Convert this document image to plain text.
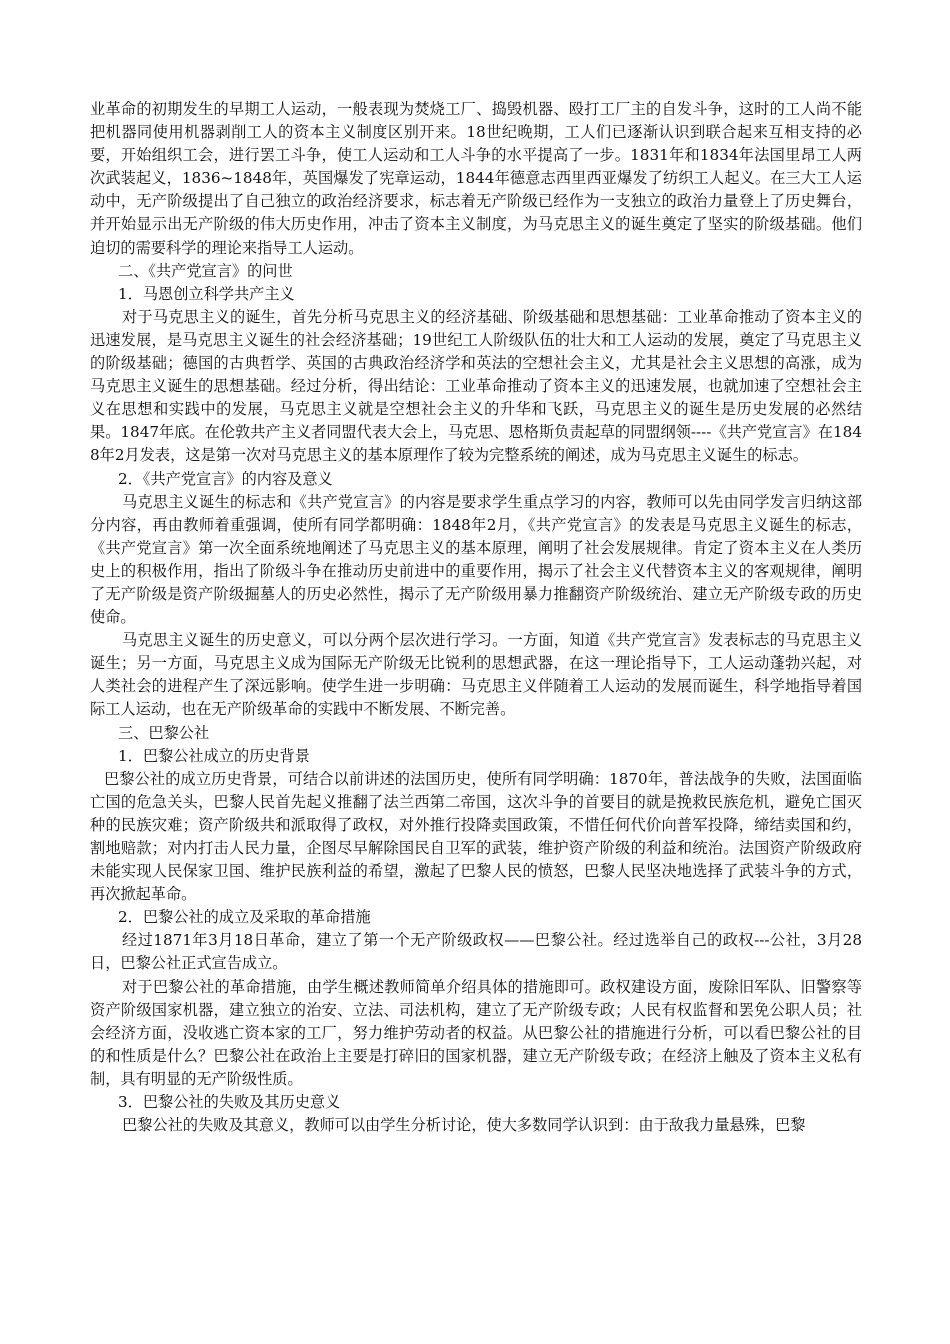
业革命的初期发生的早期工人运动，一般表现为焚烧工厂、捣毁机器、殴打工厂主的自发斗争，这时的工人尚不能把机器同使用机器剥削工人的资本主义制度区别开来。18世纪晚期，工人们已逐渐认识到联合起来互相支持的必要，开始组织工会，进行罢工斗争，使工人运动和工人斗争的水平提高了一步。1831年和1834年法国里昂工人两次武装起义，1836~1848年，英国爆发了宪章运动，1844年德意志西里西亚爆发了纺织工人起义。在三大工人运动中，无产阶级提出了自己独立的政治经济要求，标志着无产阶级已经作为一支独立的政治力量登上了历史舞台，并开始显示出无产阶级的伟大历史作用，冲击了资本主义制度，为马克思主义的诞生奠定了坚实的阶级基础。他们迫切的需要科学的理论来指导工人运动。

二、《共产党宣言》的问世

1．马恩创立科学共产主义

对于马克思主义的诞生，首先分析马克思主义的经济基础、阶级基础和思想基础：工业革命推动了资本主义的迅速发展，是马克思主义诞生的社会经济基础；19世纪工人阶级队伍的壮大和工人运动的发展，奠定了马克思主义的阶级基础；德国的古典哲学、英国的古典政治经济学和英法的空想社会主义，尤其是社会主义思想的高涨，成为马克思主义诞生的思想基础。经过分析，得出结论：工业革命推动了资本主义的迅速发展，也就加速了空想社会主义在思想和实践中的发展，马克思主义就是空想社会主义的升华和飞跃，马克思主义的诞生是历史发展的必然结果。1847年底。在伦敦共产主义者同盟代表大会上，马克思、恩格斯负责起草的同盟纲领----《共产党宣言》在1848年2月发表，这是第一次对马克思主义的基本原理作了较为完整系统的阐述，成为马克思主义诞生的标志。

2．《共产党宣言》的内容及意义

马克思主义诞生的标志和《共产党宣言》的内容是要求学生重点学习的内容，教师可以先由同学发言归纳这部分内容，再由教师着重强调，使所有同学都明确：1848年2月，《共产党宣言》的发表是马克思主义诞生的标志，《共产党宣言》第一次全面系统地阐述了马克思主义的基本原理，阐明了社会发展规律。肯定了资本主义在人类历史上的积极作用，指出了阶级斗争在推动历史前进中的重要作用，揭示了社会主义代替资本主义的客观规律，阐明了无产阶级是资产阶级掘墓人的历史必然性，揭示了无产阶级用暴力推翻资产阶级统治、建立无产阶级专政的历史使命。

马克思主义诞生的历史意义，可以分两个层次进行学习。一方面，知道《共产党宣言》发表标志的马克思主义诞生；另一方面，马克思主义成为国际无产阶级无比锐利的思想武器，在这一理论指导下，工人运动蓬勃兴起，对人类社会的进程产生了深远影响。使学生进一步明确：马克思主义伴随着工人运动的发展而诞生，科学地指导着国际工人运动，也在无产阶级革命的实践中不断发展、不断完善。

三、巴黎公社

1．巴黎公社成立的历史背景

巴黎公社的成立历史背景，可结合以前讲述的法国历史，使所有同学明确：1870年，普法战争的失败，法国面临亡国的危急关头，巴黎人民首先起义推翻了法兰西第二帝国，这次斗争的首要目的就是挽救民族危机，避免亡国灭种的民族灾难；资产阶级共和派取得了政权，对外推行投降卖国政策，不惜任何代价向普军投降，缔结卖国和约，割地赔款；对内打击人民力量，企图尽早解除国民自卫军的武装，维护资产阶级的利益和统治。法国资产阶级政府未能实现人民保家卫国、维护民族利益的希望，激起了巴黎人民的愤怒，巴黎人民坚决地选择了武装斗争的方式，再次掀起革命。

2．巴黎公社的成立及采取的革命措施

经过1871年3月18日革命，建立了第一个无产阶级政权——巴黎公社。经过选举自己的政权---公社，3月28日，巴黎公社正式宣告成立。

对于巴黎公社的革命措施，由学生概述教师简单介绍具体的措施即可。政权建设方面，废除旧军队、旧警察等资产阶级国家机器，建立独立的治安、立法、司法机构，建立了无产阶级专政；人民有权监督和罢免公职人员；社会经济方面，没收逃亡资本家的工厂，努力维护劳动者的权益。从巴黎公社的措施进行分析，可以看巴黎公社的目的和性质是什么？巴黎公社在政治上主要是打碎旧的国家机器，建立无产阶级专政；在经济上触及了资本主义私有制，具有明显的无产阶级性质。

3．巴黎公社的失败及其历史意义

巴黎公社的失败及其意义，教师可以由学生分析讨论，使大多数同学认识到：由于敌我力量悬殊，巴黎
